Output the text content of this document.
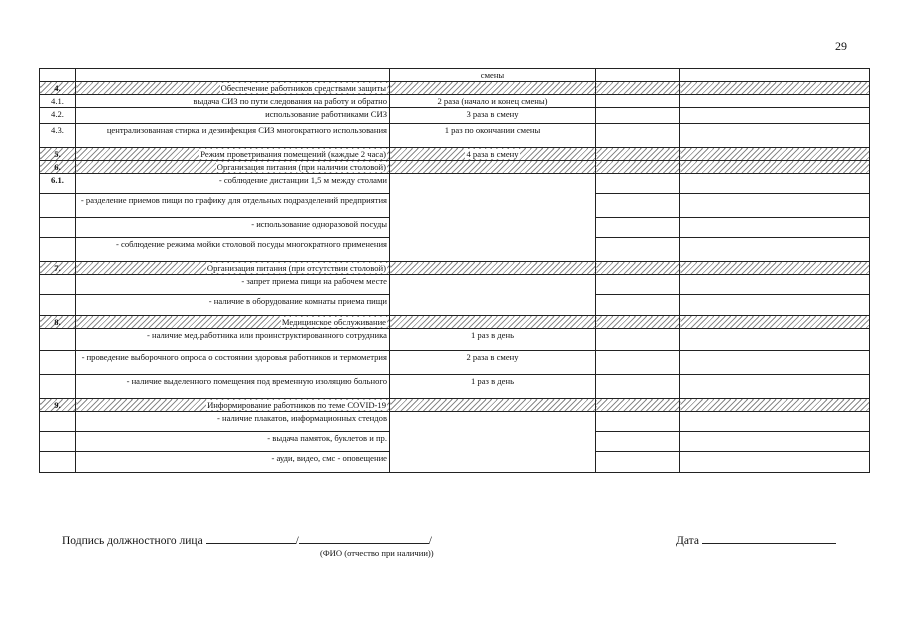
29
		смены		
4.	Обеспечение работников средствами защиты			
4.1.	выдача СИЗ по пути следования на работу и обратно	2 раза (начало и конец смены)		
4.2.	использование работниками СИЗ	3 раза в смену		
4.3.	централизованная стирка и дезинфекция СИЗ многократного использования	1 раз по окончании смены		
5.	Режим проветривания помещений (каждые 2 часа)	4 раза в смену		
6.	Организация питания (при наличии столовой)			
6.1.	- соблюдение дистанции 1,5 м между столами			
	- разделение приемов пищи по графику для отдельных подразделений предприятия			
	- использование одноразовой посуды			
	- соблюдение режима мойки столовой посуды многократного применения			
7.	Организация питания (при отсутствии столовой)			
	- запрет приема пищи на рабочем месте			
	- наличие в оборудование комнаты приема пищи			
8.	Медицинское обслуживание			
	- наличие мед.работника или проинструктированного сотрудника	1 раз в день		
	- проведение выборочного опроса о состоянии здоровья работников и термометрия	2 раза в смену		
	- наличие выделенного помещения под временную изоляцию больного	1 раз в день		
9.	Информирование работников по теме COVID-19			
	- наличие плакатов, информационных стендов			
	- выдача памяток, буклетов и пр.			
	- ауди, видео, смс - оповещение			
Подпись должностного лица	/	/
(ФИО (отчество при наличии))
Дата
